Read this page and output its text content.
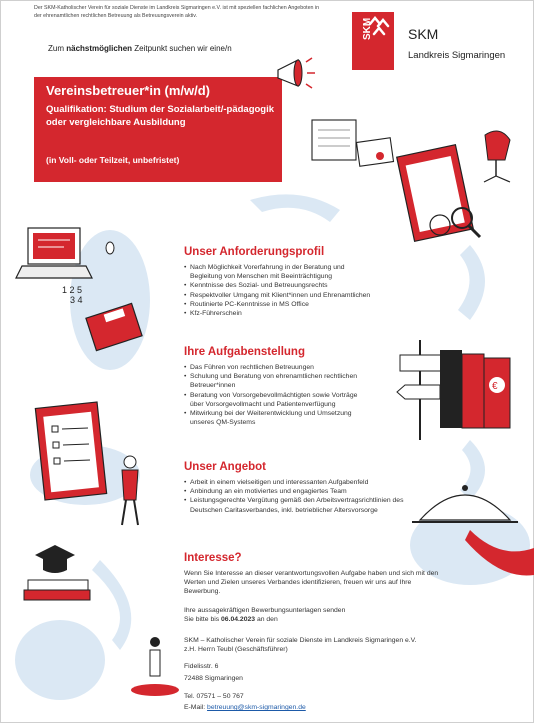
Der SKM-Katholischer Verein für soziale Dienste im Landkreis Sigmaringen e.V. ist mit speziellen fachlichen Angeboten in der ehrenamtlichen rechtlichen Betreuung als Betreuungsverein aktiv.
Zum nächstmöglichen Zeitpunkt suchen wir eine/n
SKM	SKM
Landkreis Sigmaringen
Vereinsbetreuer*in (m/w/d)
Qualifikation: Studium der Sozialarbeit/-pädagogik oder vergleichbare Ausbildung
(in Voll- oder Teilzeit, unbefristet)
1 2 5
3 4
€
Unser Anforderungsprofil
• Nach Möglichkeit Vorerfahrung in der Beratung und Begleitung von Menschen mit Beeinträchtigung
• Kenntnisse des Sozial- und Betreuungsrechts
• Respektvoller Umgang mit Klient*innen und Ehrenamtlichen
• Routinierte PC-Kenntnisse in MS Office
• Kfz-Führerschein
Ihre Aufgabenstellung
• Das Führen von rechtlichen Betreuungen
• Schulung und Beratung von ehrenamtlichen rechtlichen Betreuer*innen
• Beratung von Vorsorgebevollmächtigten sowie Vorträge über Vorsorgevollmacht und Patientenverfügung
• Mitwirkung bei der Weiterentwicklung und Umsetzung unseres QM-Systems
Unser Angebot
• Arbeit in einem vielseitigen und interessanten Aufgabenfeld
• Anbindung an ein motiviertes und engagiertes Team
• Leistungsgerechte Vergütung gemäß den Arbeitsvertragsrichtlinien des Deutschen Caritasverbandes, inkl. betrieblicher Altersvorsorge
Interesse?
Wenn Sie Interesse an dieser verantwortungsvollen Aufgabe haben und sich mit den Werten und Zielen unseres Verbandes identifizieren, freuen wir uns auf Ihre Bewerbung.
Ihre aussagekräftigen Bewerbungsunterlagen senden
Sie bitte bis 06.04.2023 an den
SKM – Katholischer Verein für soziale Dienste im Landkreis Sigmaringen e.V.
z.H. Herrn Teubl (Geschäftsführer)
Fidelisstr. 6
72488 Sigmaringen
Tel. 07571 – 50 767
E-Mail: betreuung@skm-sigmaringen.de
